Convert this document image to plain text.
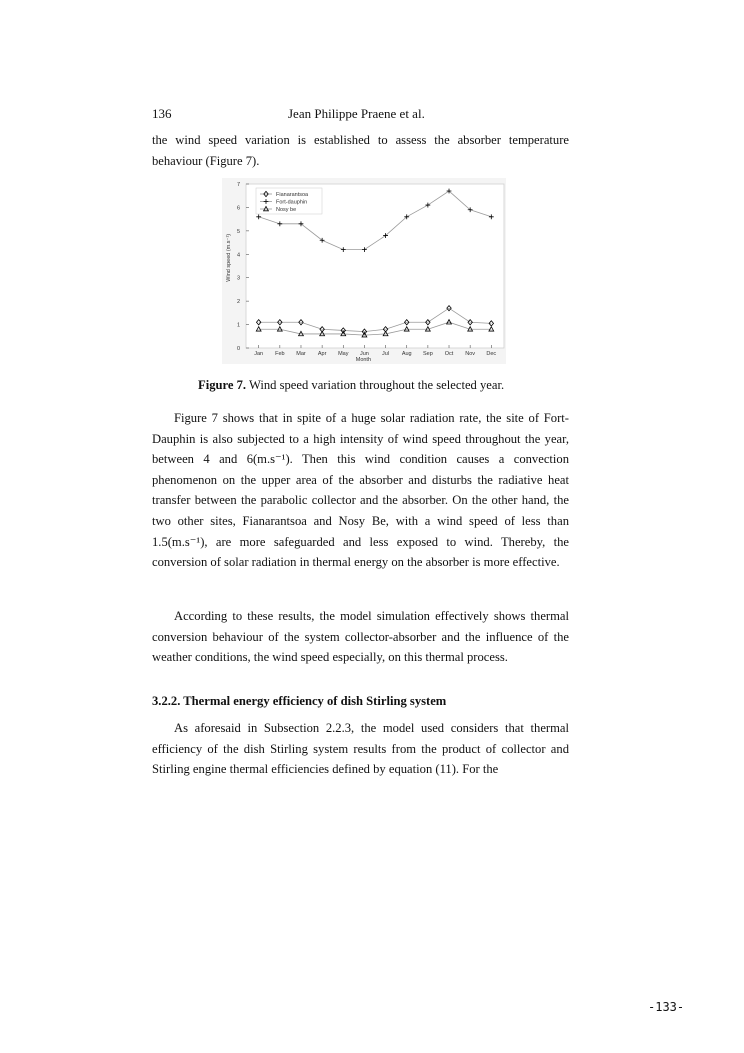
136	Jean Philippe Praene et al.

the wind speed variation is established to assess the absorber temperature behaviour (Figure 7).

0
1
2
3
4
5
6
7
Jan Feb Mar Apr May Jun Jul Aug Sep Oct Nov Dec
Month
Wind speed (m.s⁻¹)
Fianarantsoa
Fort-dauphin
Nosy be
Figure 7. Wind speed variation throughout the selected year.

Figure 7 shows that in spite of a huge solar radiation rate, the site of Fort-Dauphin is also subjected to a high intensity of wind speed throughout the year, between 4 and 6(m.s⁻¹). Then this wind condition causes a convection phenomenon on the upper area of the absorber and disturbs the radiative heat transfer between the parabolic collector and the absorber. On the other hand, the two other sites, Fianarantsoa and Nosy Be, with a wind speed of less than 1.5(m.s⁻¹), are more safeguarded and less exposed to wind. Thereby, the conversion of solar radiation in thermal energy on the absorber is more effective.

According to these results, the model simulation effectively shows thermal conversion behaviour of the system collector-absorber and the influence of the weather conditions, the wind speed especially, on this thermal process.

3.2.2. Thermal energy efficiency of dish Stirling system

As aforesaid in Subsection 2.2.3, the model used considers that thermal efficiency of the dish Stirling system results from the product of collector and Stirling engine thermal efficiencies defined by equation (11). For the

-133-
